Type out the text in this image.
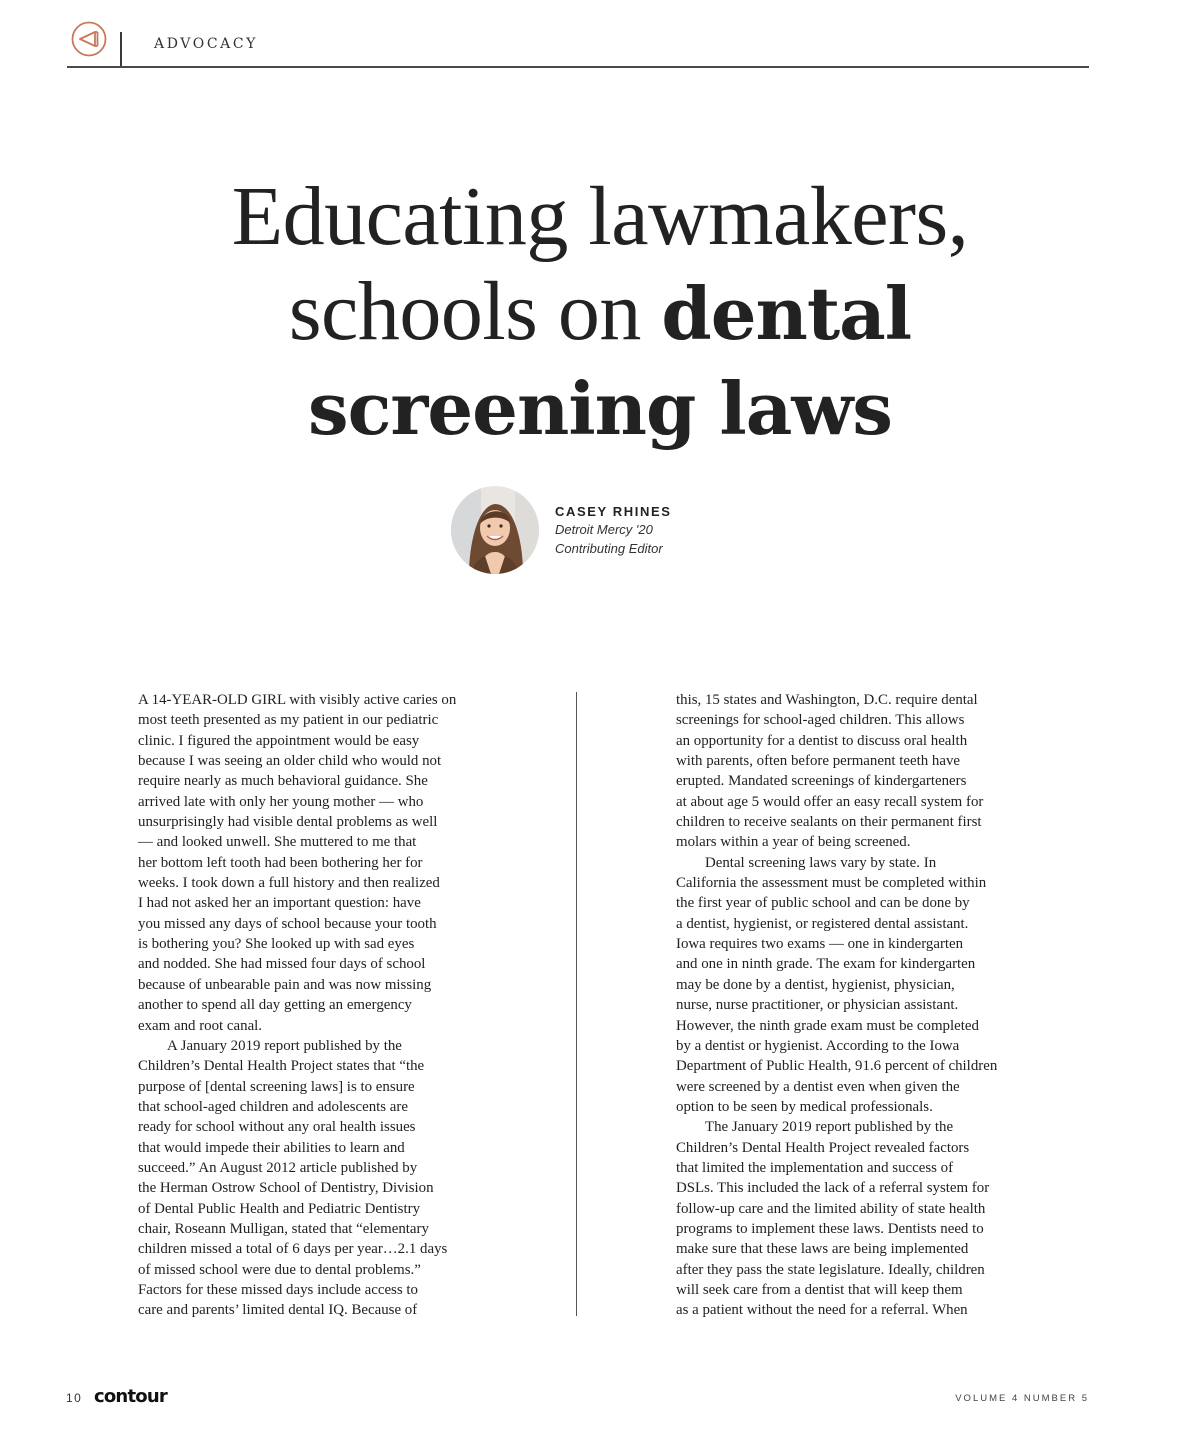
ADVOCACY
Educating lawmakers,
schools on dental
screening laws
CASEY RHINES
Detroit Mercy '20
Contributing Editor
A 14-YEAR-OLD GIRL with visibly active caries on
most teeth presented as my patient in our pediatric
clinic. I figured the appointment would be easy
because I was seeing an older child who would not
require nearly as much behavioral guidance. She
arrived late with only her young mother — who
unsurprisingly had visible dental problems as well
— and looked unwell. She muttered to me that
her bottom left tooth had been bothering her for
weeks. I took down a full history and then realized
I had not asked her an important question: have
you missed any days of school because your tooth
is bothering you? She looked up with sad eyes
and nodded. She had missed four days of school
because of unbearable pain and was now missing
another to spend all day getting an emergency
exam and root canal.
A January 2019 report published by the
Children’s Dental Health Project states that “the
purpose of [dental screening laws] is to ensure
that school-aged children and adolescents are
ready for school without any oral health issues
that would impede their abilities to learn and
succeed.” An August 2012 article published by
the Herman Ostrow School of Dentistry, Division
of Dental Public Health and Pediatric Dentistry
chair, Roseann Mulligan, stated that “elementary
children missed a total of 6 days per year…2.1 days
of missed school were due to dental problems.”
Factors for these missed days include access to
care and parents’ limited dental IQ. Because of
this, 15 states and Washington, D.C. require dental
screenings for school-aged children. This allows
an opportunity for a dentist to discuss oral health
with parents, often before permanent teeth have
erupted. Mandated screenings of kindergarteners
at about age 5 would offer an easy recall system for
children to receive sealants on their permanent first
molars within a year of being screened.
Dental screening laws vary by state. In
California the assessment must be completed within
the first year of public school and can be done by
a dentist, hygienist, or registered dental assistant.
Iowa requires two exams — one in kindergarten
and one in ninth grade. The exam for kindergarten
may be done by a dentist, hygienist, physician,
nurse, nurse practitioner, or physician assistant.
However, the ninth grade exam must be completed
by a dentist or hygienist. According to the Iowa
Department of Public Health, 91.6 percent of children
were screened by a dentist even when given the
option to be seen by medical professionals.
The January 2019 report published by the
Children’s Dental Health Project revealed factors
that limited the implementation and success of
DSLs. This included the lack of a referral system for
follow-up care and the limited ability of state health
programs to implement these laws. Dentists need to
make sure that these laws are being implemented
after they pass the state legislature. Ideally, children
will seek care from a dentist that will keep them
as a patient without the need for a referral. When
10 contour	VOLUME 4 NUMBER 5
